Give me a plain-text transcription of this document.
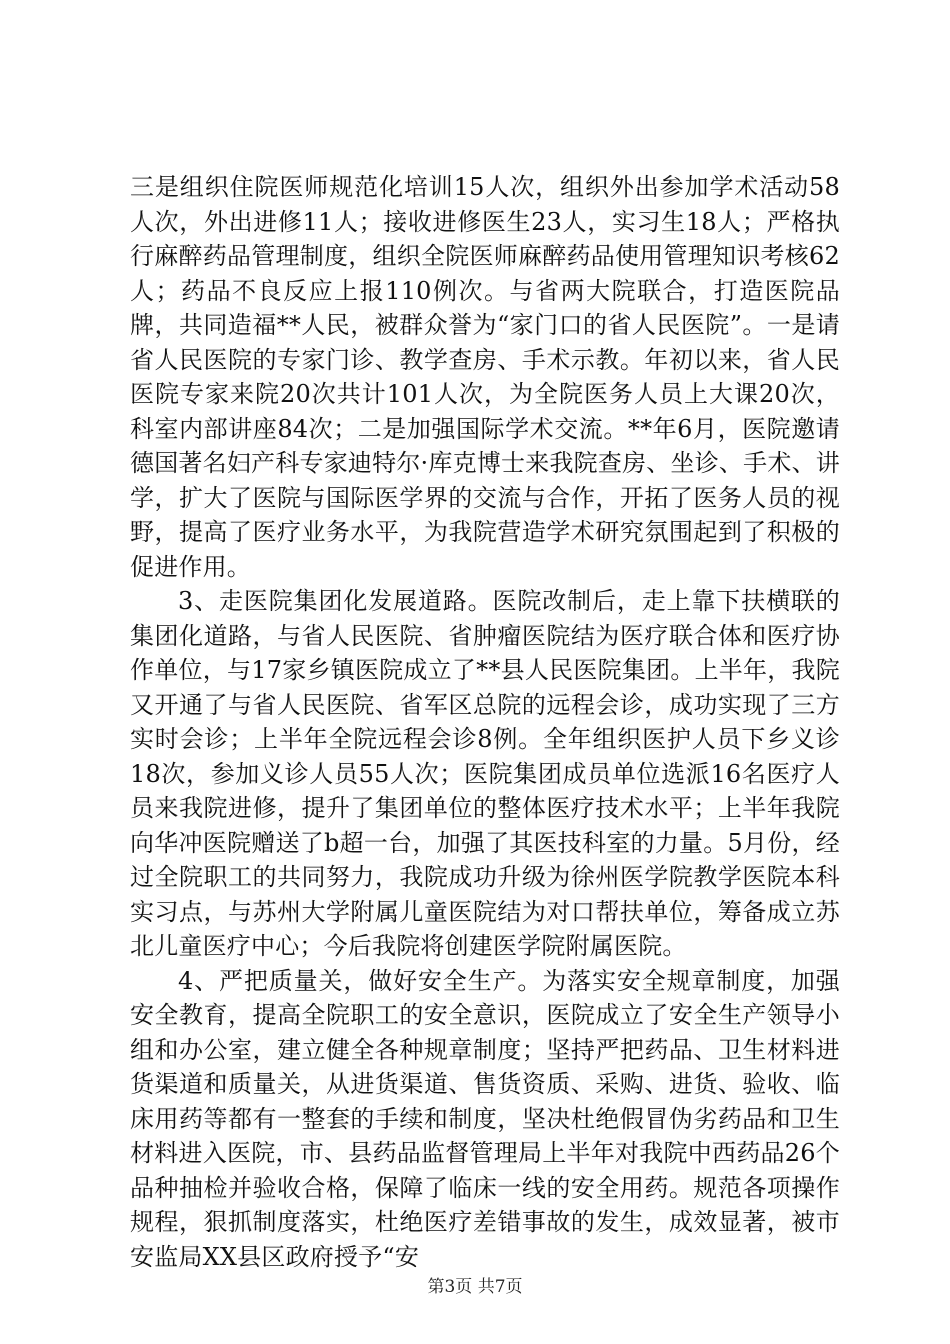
三是组织住院医师规范化培训15人次，组织外出参加学术活动58人次，外出进修11人；接收进修医生23人，实习生18人；严格执行麻醉药品管理制度，组织全院医师麻醉药品使用管理知识考核62人；药品不良反应上报110例次。与省两大院联合，打造医院品牌，共同造福**人民，被群众誉为“家门口的省人民医院”。一是请省人民医院的专家门诊、教学查房、手术示教。年初以来，省人民医院专家来院20次共计101人次，为全院医务人员上大课20次，科室内部讲座84次；二是加强国际学术交流。**年6月，医院邀请德国著名妇产科专家迪特尔·库克博士来我院查房、坐诊、手术、讲学，扩大了医院与国际医学界的交流与合作，开拓了医务人员的视野，提高了医疗业务水平，为我院营造学术研究氛围起到了积极的促进作用。

3、走医院集团化发展道路。医院改制后，走上靠下扶横联的集团化道路，与省人民医院、省肿瘤医院结为医疗联合体和医疗协作单位，与17家乡镇医院成立了**县人民医院集团。上半年，我院又开通了与省人民医院、省军区总院的远程会诊，成功实现了三方实时会诊；上半年全院远程会诊8例。全年组织医护人员下乡义诊18次，参加义诊人员55人次；医院集团成员单位选派16名医疗人员来我院进修，提升了集团单位的整体医疗技术水平；上半年我院向华冲医院赠送了b超一台，加强了其医技科室的力量。5月份，经过全院职工的共同努力，我院成功升级为徐州医学院教学医院本科实习点，与苏州大学附属儿童医院结为对口帮扶单位，筹备成立苏北儿童医疗中心；今后我院将创建医学院附属医院。

4、严把质量关，做好安全生产。为落实安全规章制度，加强安全教育，提高全院职工的安全意识，医院成立了安全生产领导小组和办公室，建立健全各种规章制度；坚持严把药品、卫生材料进货渠道和质量关，从进货渠道、售货资质、采购、进货、验收、临床用药等都有一整套的手续和制度，坚决杜绝假冒伪劣药品和卫生材料进入医院，市、县药品监督管理局上半年对我院中西药品26个品种抽检并验收合格，保障了临床一线的安全用药。规范各项操作规程，狠抓制度落实，杜绝医疗差错事故的发生，成效显著，被市安监局XX县区政府授予“安

第3页 共7页
